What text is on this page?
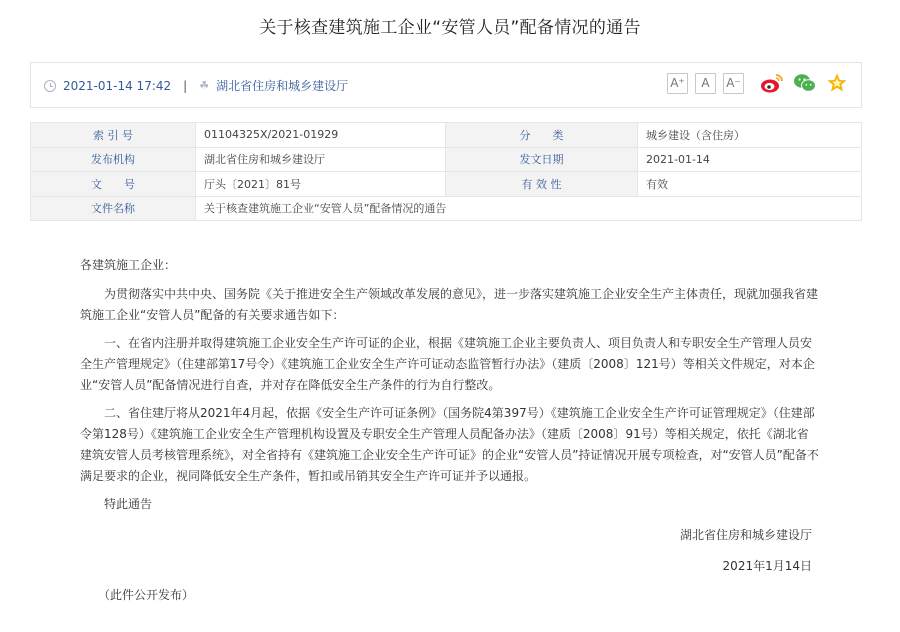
关于核查建筑施工企业“安管人员”配备情况的通告
2021-01-14 17:42 | ☘ 湖北省住房和城乡建设厅	A⁺	A	A⁻
索 引 号	01104325X/2021-01929	分　　类	城乡建设（含住房）
发布机构	湖北省住房和城乡建设厅	发文日期	2021-01-14
文　　号	厅头〔2021〕81号	有 效 性	有效
文件名称	关于核查建筑施工企业“安管人员”配备情况的通告		

各建筑施工企业：

为贯彻落实中共中央、国务院《关于推进安全生产领域改革发展的意见》，进一步落实建筑施工企业安全生产主体责任，现就加强我省建筑施工企业“安管人员”配备的有关要求通告如下：

一、在省内注册并取得建筑施工企业安全生产许可证的企业，根据《建筑施工企业主要负责人、项目负责人和专职安全生产管理人员安全生产管理规定》（住建部第17号令）《建筑施工企业安全生产许可证动态监管暂行办法》（建质〔2008〕121号）等相关文件规定，对本企业“安管人员”配备情况进行自查，并对存在降低安全生产条件的行为自行整改。

二、省住建厅将从2021年4月起，依据《安全生产许可证条例》（国务院4第397号）《建筑施工企业安全生产许可证管理规定》（住建部令第128号）《建筑施工企业安全生产管理机构设置及专职安全生产管理人员配备办法》（建质〔2008〕91号）等相关规定，依托《湖北省建筑安管人员考核管理系统》，对全省持有《建筑施工企业安全生产许可证》的企业“安管人员”持证情况开展专项检查，对“安管人员”配备不满足要求的企业，视同降低安全生产条件，暂扣或吊销其安全生产许可证并予以通报。

特此通告

湖北省住房和城乡建设厅

2021年1月14日

（此件公开发布）
